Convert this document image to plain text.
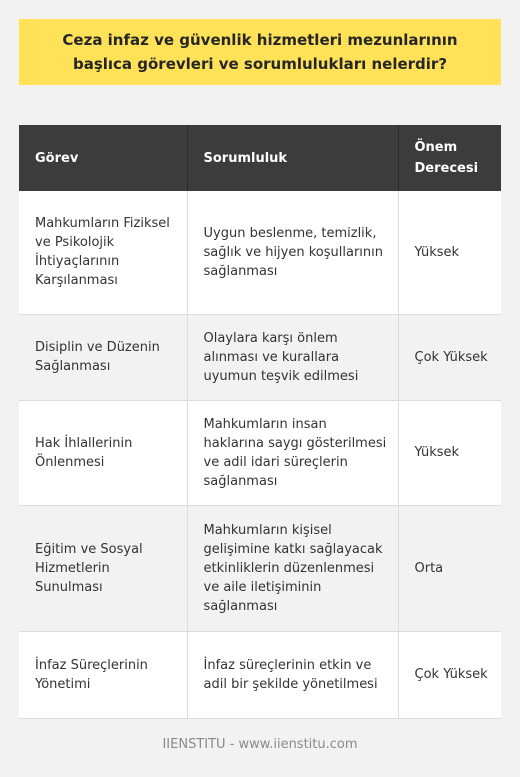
Ceza infaz ve güvenlik hizmetleri mezunlarının başlıca görevleri ve sorumlulukları nelerdir?
Görev	Sorumluluk	Önem Derecesi
Mahkumların Fiziksel ve Psikolojik İhtiyaçlarının Karşılanması	Uygun beslenme, temizlik, sağlık ve hijyen koşullarının sağlanması	Yüksek
Disiplin ve Düzenin Sağlanması	Olaylara karşı önlem alınması ve kurallara uyumun teşvik edilmesi	Çok Yüksek
Hak İhlallerinin Önlenmesi	Mahkumların insan haklarına saygı gösterilmesi ve adil idari süreçlerin sağlanması	Yüksek
Eğitim ve Sosyal Hizmetlerin Sunulması	Mahkumların kişisel gelişimine katkı sağlayacak etkinliklerin düzenlenmesi ve aile iletişiminin sağlanması	Orta
İnfaz Süreçlerinin Yönetimi	İnfaz süreçlerinin etkin ve adil bir şekilde yönetilmesi	Çok Yüksek
IIENSTITU - www.iienstitu.com
